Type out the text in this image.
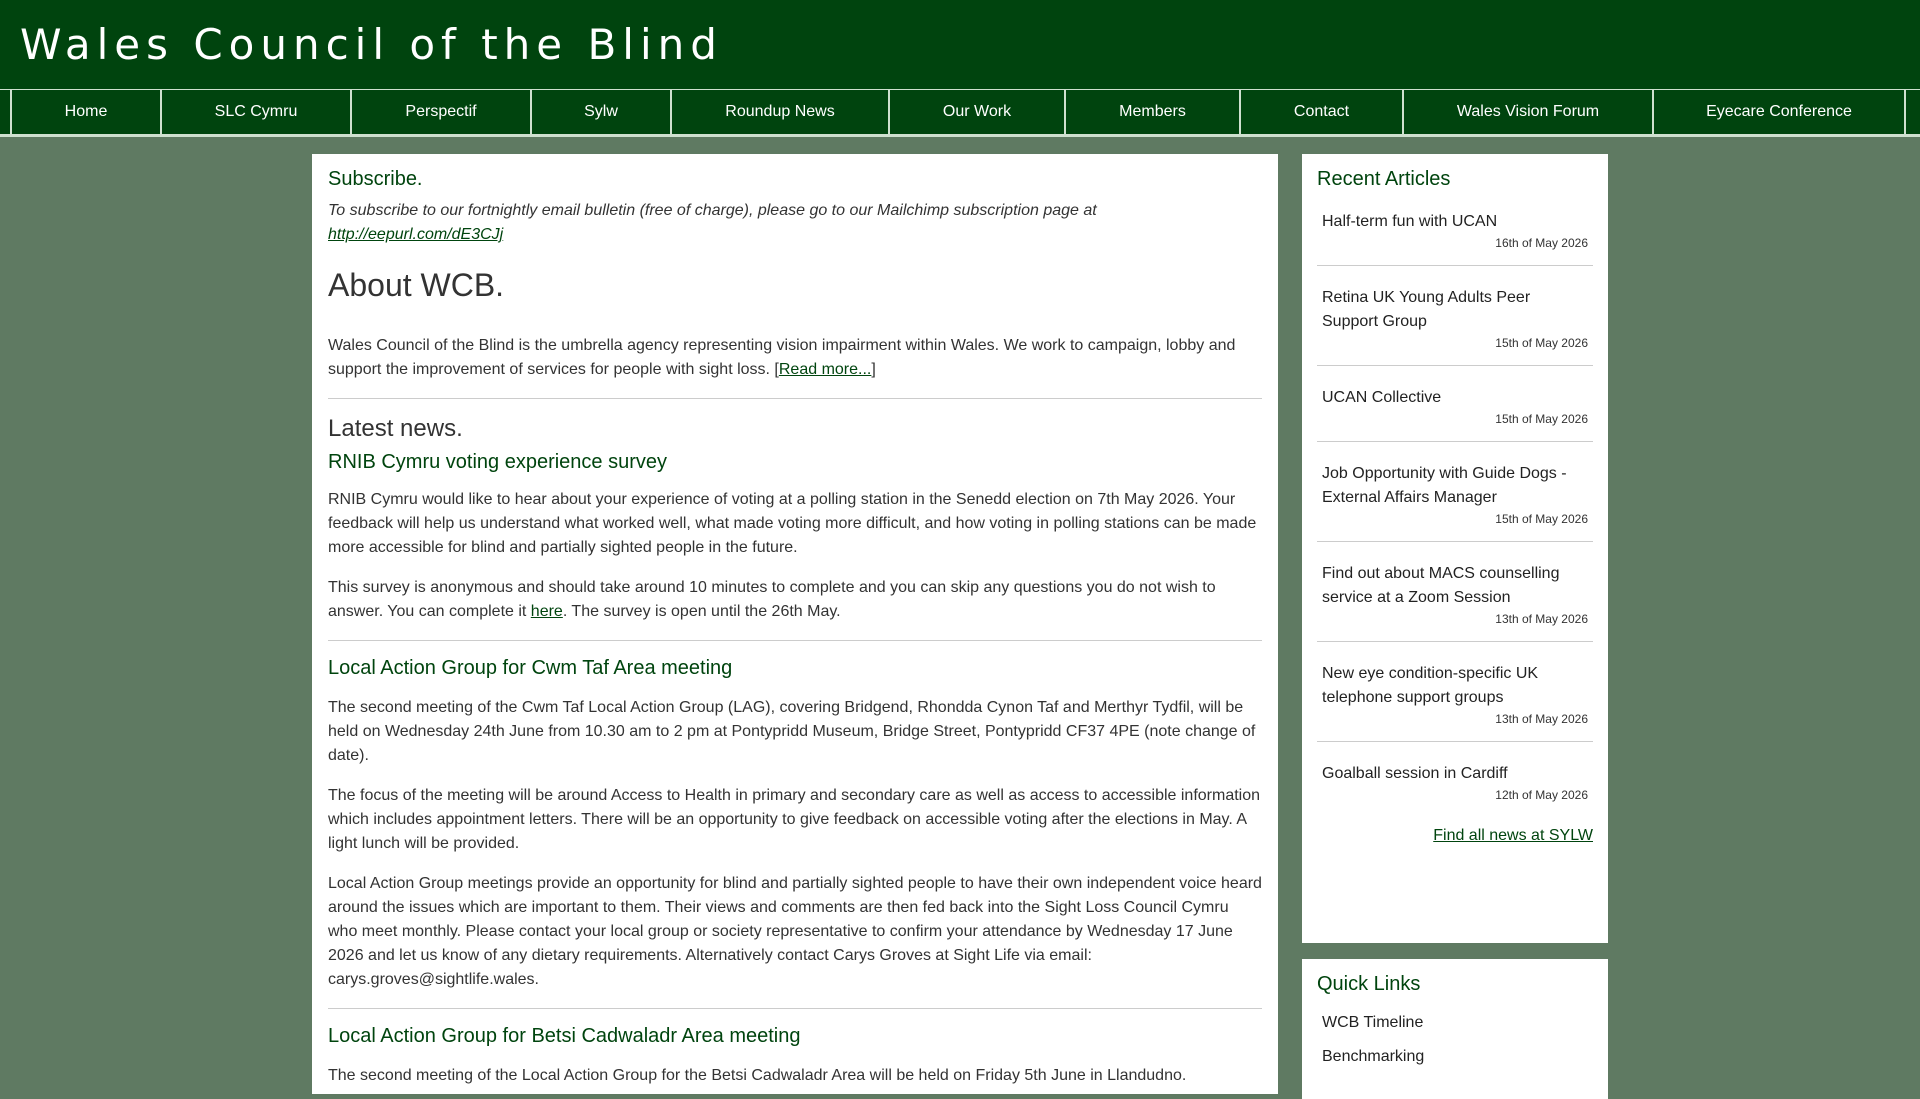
Wales Council of the Blind
Home	SLC Cymru	Perspectif	Sylw	Roundup News	Our Work	Members	Contact	Wales Vision Forum	Eyecare Conference
Subscribe.

To subscribe to our fortnightly email bulletin (free of charge), please go to our Mailchimp subscription page at
http://eepurl.com/dE3CJj

About WCB.

Wales Council of the Blind is the umbrella agency representing vision impairment within Wales. We work to campaign, lobby and support the improvement of services for people with sight loss. [Read more...]

Latest news.
RNIB Cymru voting experience survey

RNIB Cymru would like to hear about your experience of voting at a polling station in the Senedd election on 7th May 2026. Your feedback will help us understand what worked well, what made voting more difficult, and how voting in polling stations can be made more accessible for blind and partially sighted people in the future.

This survey is anonymous and should take around 10 minutes to complete and you can skip any questions you do not wish to answer. You can complete it here. The survey is open until the 26th May.

Local Action Group for Cwm Taf Area meeting

The second meeting of the Cwm Taf Local Action Group (LAG), covering Bridgend, Rhondda Cynon Taf and Merthyr Tydfil, will be held on Wednesday 24th June from 10.30 am to 2 pm at Pontypridd Museum, Bridge Street, Pontypridd CF37 4PE (note change of date).

The focus of the meeting will be around Access to Health in primary and secondary care as well as access to accessible information which includes appointment letters. There will be an opportunity to give feedback on accessible voting after the elections in May. A light lunch will be provided.

Local Action Group meetings provide an opportunity for blind and partially sighted people to have their own independent voice heard around the issues which are important to them. Their views and comments are then fed back into the Sight Loss Council Cymru who meet monthly. Please contact your local group or society representative to confirm your attendance by Wednesday 17 June 2026 and let us know of any dietary requirements. Alternatively contact Carys Groves at Sight Life via email: carys.groves@sightlife.wales.

Local Action Group for Betsi Cadwaladr Area meeting

The second meeting of the Local Action Group for the Betsi Cadwaladr Area will be held on Friday 5th June in Llandudno.

Recent Articles
Half-term fun with UCAN
16th of May 2026
Retina UK Young Adults Peer Support Group
15th of May 2026
UCAN Collective
15th of May 2026
Job Opportunity with Guide Dogs - External Affairs Manager
15th of May 2026
Find out about MACS counselling service at a Zoom Session
13th of May 2026
New eye condition-specific UK telephone support groups
13th of May 2026
Goalball session in Cardiff
12th of May 2026
Find all news at SYLW
Quick Links
WCB Timeline
Benchmarking
